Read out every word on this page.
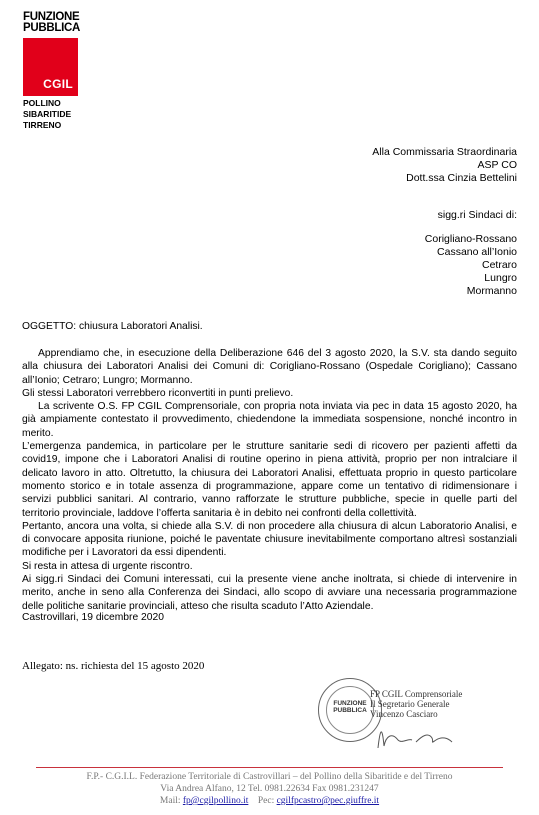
FUNZIONE
PUBBLICA
CGIL
POLLINO
SIBARITIDE
TIRRENO
Alla Commissaria Straordinaria
ASP CO
Dott.ssa Cinzia Bettelini
sigg.ri Sindaci di:
Corigliano-Rossano
Cassano all’Ionio
Cetraro
Lungro
Mormanno
OGGETTO: chiusura Laboratori Analisi.

Apprendiamo che, in esecuzione della Deliberazione 646 del 3 agosto 2020, la S.V. sta dando seguito alla chiusura dei Laboratori Analisi dei Comuni di: Corigliano-Rossano (Ospedale Corigliano); Cassano all’Ionio; Cetraro; Lungro; Mormanno.

Gli stessi Laboratori verrebbero riconvertiti in punti prelievo.

La scrivente O.S. FP CGIL Comprensoriale, con propria nota inviata via pec in data 15 agosto 2020, ha già ampiamente contestato il provvedimento, chiedendone la immediata sospensione, nonché incontro in merito.

L’emergenza pandemica, in particolare per le strutture sanitarie sedi di ricovero per pazienti affetti da covid19, impone che i Laboratori Analisi di routine operino in piena attività, proprio per non intralciare il delicato lavoro in atto. Oltretutto, la chiusura dei Laboratori Analisi, effettuata proprio in questo particolare momento storico e in totale assenza di programmazione, appare come un tentativo di ridimensionare i servizi pubblici sanitari. Al contrario, vanno rafforzate le strutture pubbliche, specie in quelle parti del territorio provinciale, laddove l’offerta sanitaria è in debito nei confronti della collettività.

Pertanto, ancora una volta, si chiede alla S.V. di non procedere alla chiusura di alcun Laboratorio Analisi, e di convocare apposita riunione, poiché le paventate chiusure inevitabilmente comportano altresì sostanziali modifiche per i Lavoratori da essi dipendenti.

Si resta in attesa di urgente riscontro.

Ai sigg.ri Sindaci dei Comuni interessati, cui la presente viene anche inoltrata, si chiede di intervenire in merito, anche in seno alla Conferenza dei Sindaci, allo scopo di avviare una necessaria programmazione delle politiche sanitarie provinciali, atteso che risulta scaduto l’Atto Aziendale.

Castrovillari, 19 dicembre 2020
Allegato: ns. richiesta del 15 agosto 2020
FUNZIONE PUBBLICA
FP CGIL Comprensoriale
Il Segretario Generale
Vincenzo Casciaro
F.P.- C.G.I.L. Federazione Territoriale di Castrovillari – del Pollino della Sibaritide e del Tirreno
Via Andrea Alfano, 12 Tel. 0981.22634 Fax 0981.231247
Mail: fp@cgilpollino.it Pec: cgilfpcastro@pec.giuffre.it
